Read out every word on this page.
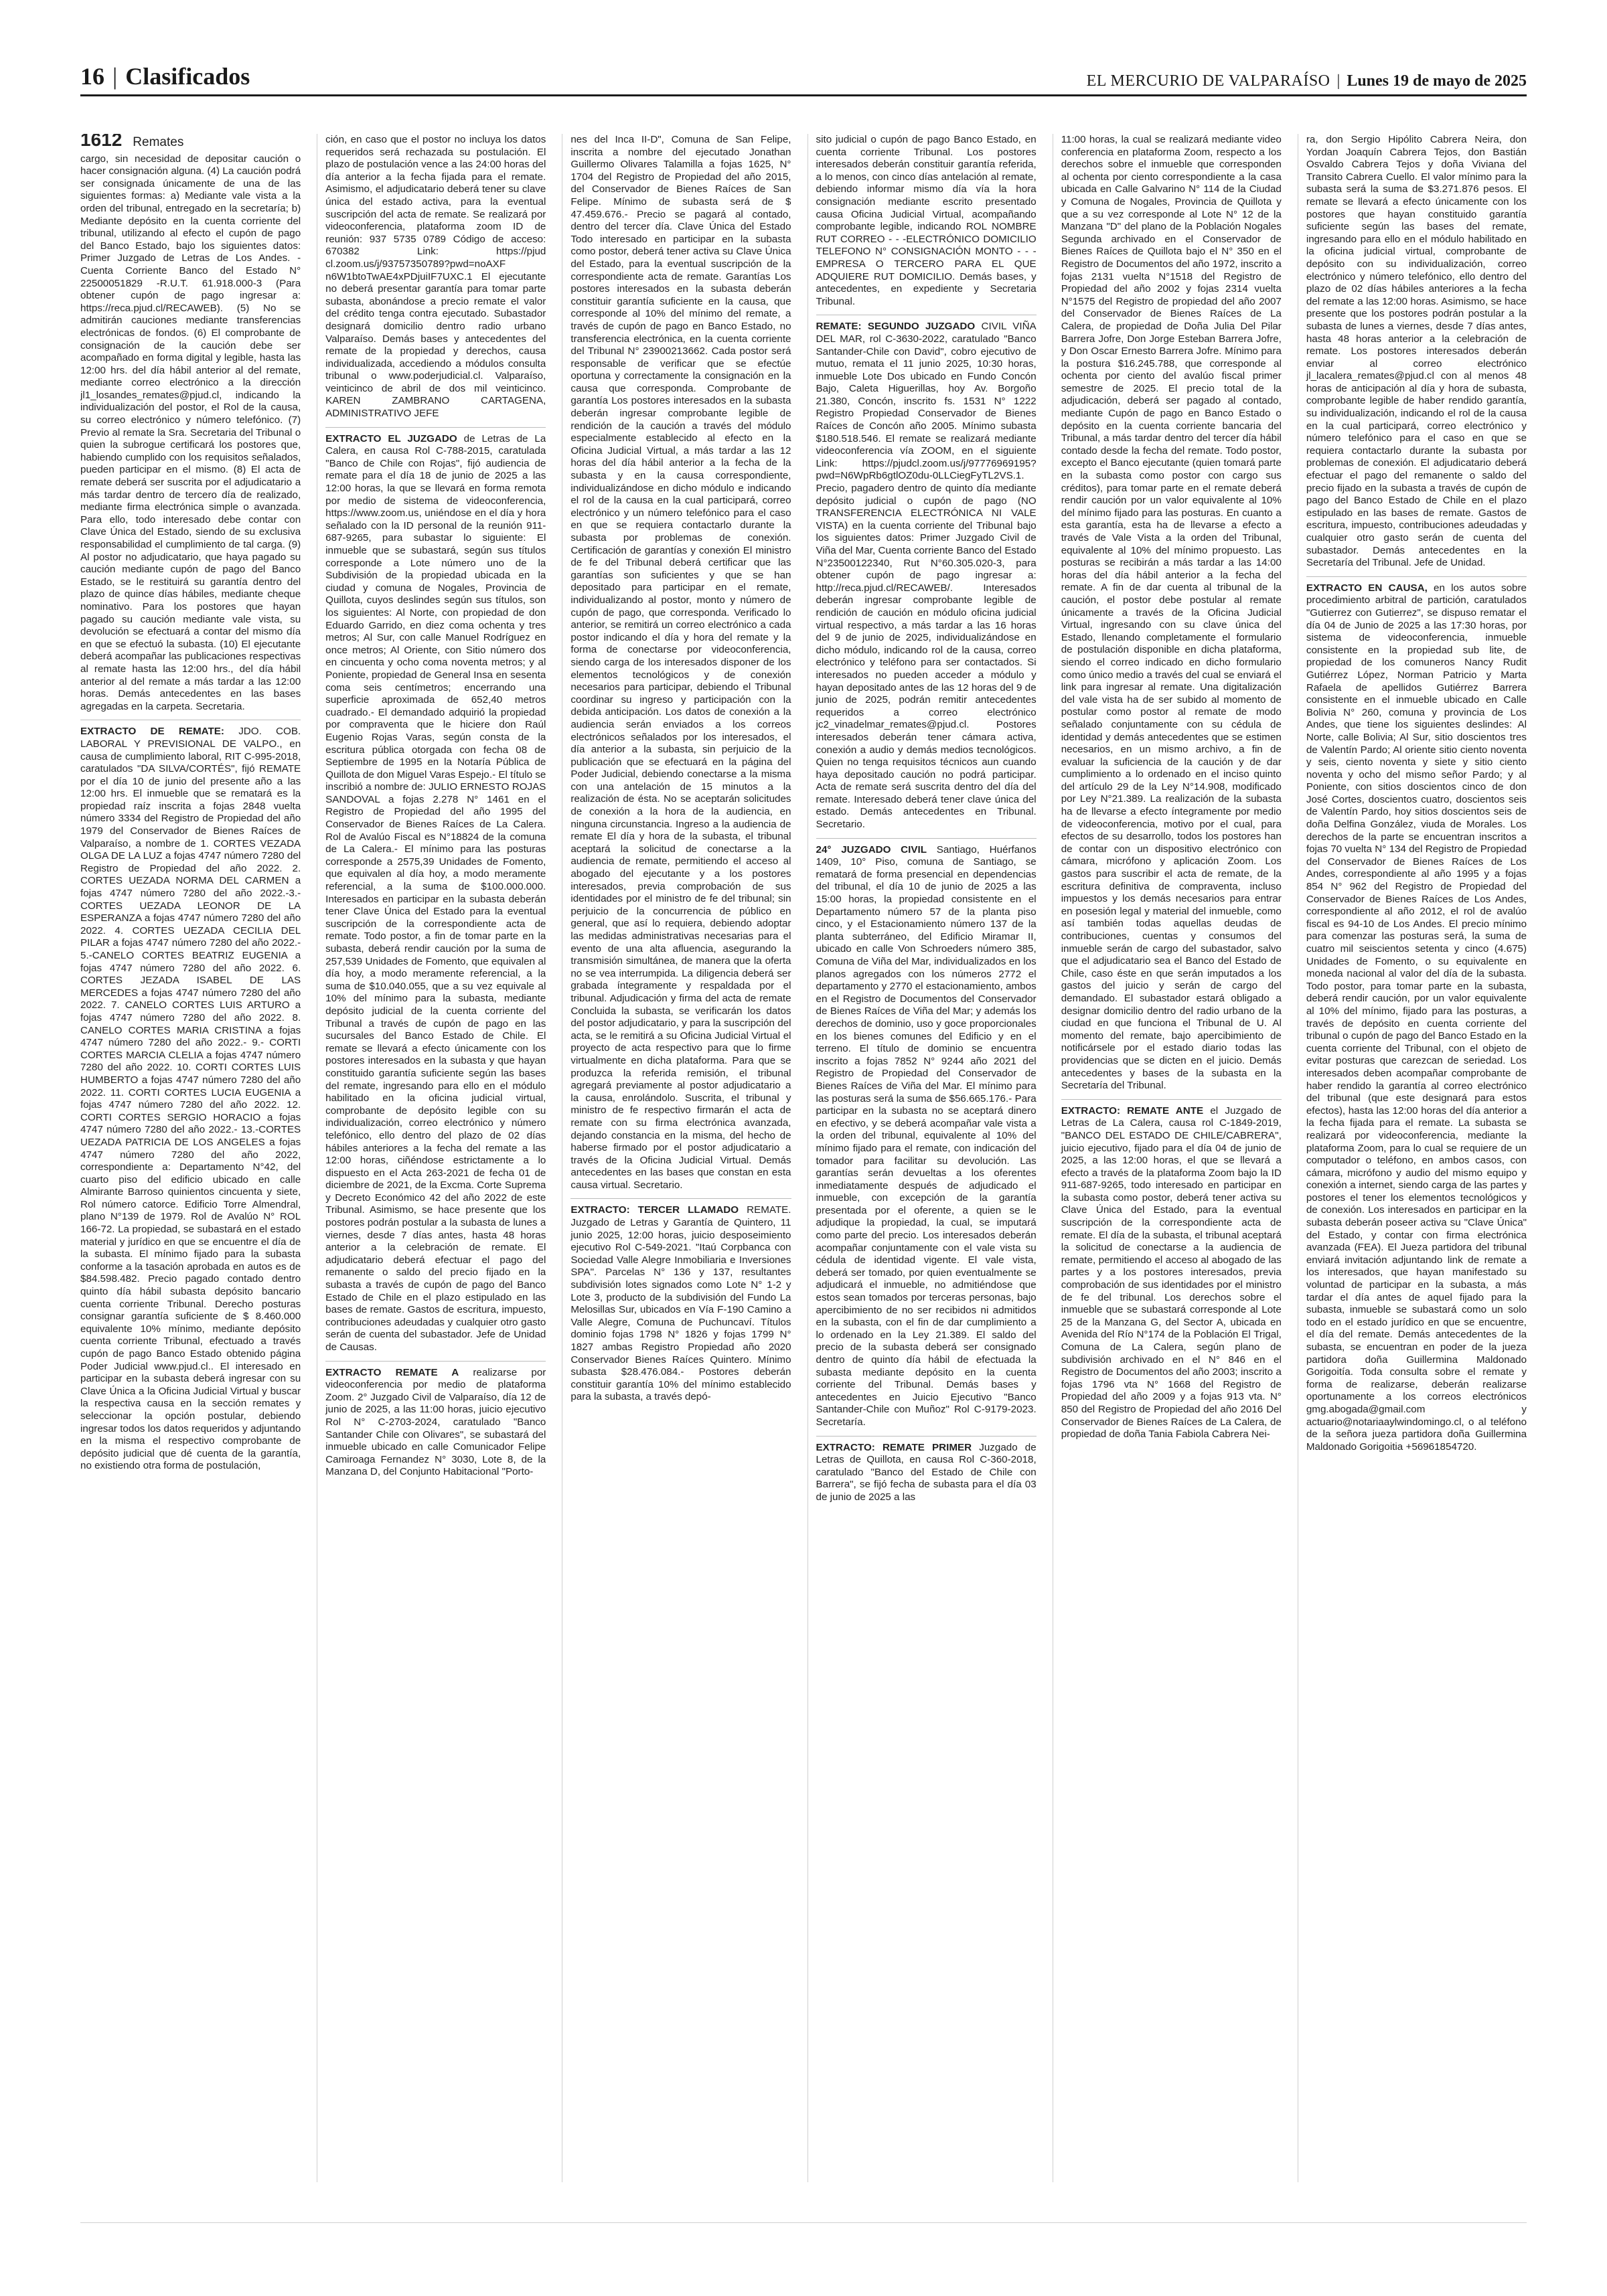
16 | Clasificados	EL MERCURIO DE VALPARAÍSO | Lunes 19 de mayo de 2025
1612 Remates

cargo, sin necesidad de depositar caución o hacer consignación alguna. (4) La caución podrá ser consignada únicamente de una de las siguientes formas: a) Mediante vale vista a la orden del tribunal, entregado en la secretaría; b) Mediante depósito en la cuenta corriente del tribunal, utilizando al efecto el cupón de pago del Banco Estado, bajo los siguientes datos: Primer Juzgado de Letras de Los Andes. -Cuenta Corriente Banco del Estado N° 22500051829 -R.U.T. 61.918.000-3 (Para obtener cupón de pago ingresar a: https://reca.pjud.cl/RECAWEB). (5) No se admitirán cauciones mediante transferencias electrónicas de fondos. (6) El comprobante de consignación de la caución debe ser acompañado en forma digital y legible, hasta las 12:00 hrs. del día hábil anterior al del remate, mediante correo electrónico a la dirección jl1_losandes_remates@pjud.cl, indicando la individualización del postor, el Rol de la causa, su correo electrónico y número telefónico. (7) Previo al remate la Sra. Secretaria del Tribunal o quien la subrogue certificará los postores que, habiendo cumplido con los requisitos señalados, pueden participar en el mismo. (8) El acta de remate deberá ser suscrita por el adjudicatario a más tardar dentro de tercero día de realizado, mediante firma electrónica simple o avanzada. Para ello, todo interesado debe contar con Clave Única del Estado, siendo de su exclusiva responsabilidad el cumplimiento de tal carga. (9) Al postor no adjudicatario, que haya pagado su caución mediante cupón de pago del Banco Estado, se le restituirá su garantía dentro del plazo de quince días hábiles, mediante cheque nominativo. Para los postores que hayan pagado su caución mediante vale vista, su devolución se efectuará a contar del mismo día en que se efectuó la subasta. (10) El ejecutante deberá acompañar las publicaciones respectivas al remate hasta las 12:00 hrs., del día hábil anterior al del remate a más tardar a las 12:00 horas. Demás antecedentes en las bases agregadas en la carpeta. Secretaria.

EXTRACTO DE REMATE: JDO. COB. LABORAL Y PREVISIONAL DE VALPO., en causa de cumplimiento laboral, RIT C-995-2018, caratulados "DA SILVA/CORTÉS", fijó REMATE por el día 10 de junio del presente año a las 12:00 hrs. El inmueble que se rematará es la propiedad raíz inscrita a fojas 2848 vuelta número 3334 del Registro de Propiedad del año 1979 del Conservador de Bienes Raíces de Valparaíso, a nombre de 1. CORTES VEZADA OLGA DE LA LUZ a fojas 4747 número 7280 del Registro de Propiedad del año 2022. 2. CORTES UEZADA NORMA DEL CARMEN a fojas 4747 número 7280 del año 2022.-3.- CORTES UEZADA LEONOR DE LA ESPERANZA a fojas 4747 número 7280 del año 2022. 4. CORTES UEZADA CECILIA DEL PILAR a fojas 4747 número 7280 del año 2022.- 5.-CANELO CORTES BEATRIZ EUGENIA a fojas 4747 número 7280 del año 2022. 6. CORTES JEZADA ISABEL DE LAS MERCEDES a fojas 4747 número 7280 del año 2022. 7. CANELO CORTES LUIS ARTURO a fojas 4747 número 7280 del año 2022. 8. CANELO CORTES MARIA CRISTINA a fojas 4747 número 7280 del año 2022.- 9.- CORTI CORTES MARCIA CLELIA a fojas 4747 número 7280 del año 2022. 10. CORTI CORTES LUIS HUMBERTO a fojas 4747 número 7280 del año 2022. 11. CORTI CORTES LUCIA EUGENIA a fojas 4747 número 7280 del año 2022. 12. CORTI CORTES SERGIO HORACIO a fojas 4747 número 7280 del año 2022.- 13.-CORTES UEZADA PATRICIA DE LOS ANGELES a fojas 4747 número 7280 del año 2022, correspondiente a: Departamento N°42, del cuarto piso del edificio ubicado en calle Almirante Barroso quinientos cincuenta y siete, Rol número catorce. Edificio Torre Almendral, plano N°139 de 1979. Rol de Avalúo N° ROL 166-72. La propiedad, se subastará en el estado material y jurídico en que se encuentre el día de la subasta. El mínimo fijado para la subasta conforme a la tasación aprobada en autos es de $84.598.482. Precio pagado contado dentro quinto día hábil subasta depósito bancario cuenta corriente Tribunal. Derecho posturas consignar garantía suficiente de $ 8.460.000 equivalente 10% mínimo, mediante depósito cuenta corriente Tribunal, efectuado a través cupón de pago Banco Estado obtenido página Poder Judicial www.pjud.cl.. El interesado en participar en la subasta deberá ingresar con su Clave Única a la Oficina Judicial Virtual y buscar la respectiva causa en la sección remates y seleccionar la opción postular, debiendo ingresar todos los datos requeridos y adjuntando en la misma el respectivo comprobante de depósito judicial que dé cuenta de la garantía, no existiendo otra forma de postulación,

ción, en caso que el postor no incluya los datos requeridos será rechazada su postulación. El plazo de postulación vence a las 24:00 horas del día anterior a la fecha fijada para el remate. Asimismo, el adjudicatario deberá tener su clave única del estado activa, para la eventual suscripción del acta de remate. Se realizará por videoconferencia, plataforma zoom ID de reunión: 937 5735 0789 Código de acceso: 670382 Link: https://pjud cl.zoom.us/j/93757350789?pwd=noAXF n6W1btoTwAE4xPDjuiIF7UXC.1 El ejecutante no deberá presentar garantía para tomar parte subasta, abonándose a precio remate el valor del crédito tenga contra ejecutado. Subastador designará domicilio dentro radio urbano Valparaíso. Demás bases y antecedentes del remate de la propiedad y derechos, causa individualizada, accediendo a módulos consulta tribunal o www.poderjudicial.cl. Valparaíso, veinticinco de abril de dos mil veinticinco. KAREN ZAMBRANO CARTAGENA, ADMINISTRATIVO JEFE

EXTRACTO EL JUZGADO de Letras de La Calera, en causa Rol C-788-2015, caratulada "Banco de Chile con Rojas", fijó audiencia de remate para el día 18 de junio de 2025 a las 12:00 horas, la que se llevará en forma remota por medio de sistema de videoconferencia, https://www.zoom.us, uniéndose en el día y hora señalado con la ID personal de la reunión 911-687-9265, para subastar lo siguiente: El inmueble que se subastará, según sus títulos corresponde a Lote número uno de la Subdivisión de la propiedad ubicada en la ciudad y comuna de Nogales, Provincia de Quillota, cuyos deslindes según sus títulos, son los siguientes: Al Norte, con propiedad de don Eduardo Garrido, en diez coma ochenta y tres metros; Al Sur, con calle Manuel Rodríguez en once metros; Al Oriente, con Sitio número dos en cincuenta y ocho coma noventa metros; y al Poniente, propiedad de General Insa en sesenta coma seis centímetros; encerrando una superficie aproximada de 652,40 metros cuadrado.- El demandado adquirió la propiedad por compraventa que le hiciere don Raúl Eugenio Rojas Varas, según consta de la escritura pública otorgada con fecha 08 de Septiembre de 1995 en la Notaría Pública de Quillota de don Miguel Varas Espejo.- El título se inscribió a nombre de: JULIO ERNESTO ROJAS SANDOVAL a fojas 2.278 N° 1461 en el Registro de Propiedad del año 1995 del Conservador de Bienes Raíces de La Calera. Rol de Avalúo Fiscal es N°18824 de la comuna de La Calera.- El mínimo para las posturas corresponde a 2575,39 Unidades de Fomento, que equivalen al día hoy, a modo meramente referencial, a la suma de $100.000.000. Interesados en participar en la subasta deberán tener Clave Única del Estado para la eventual suscripción de la correspondiente acta de remate. Todo postor, a fin de tomar parte en la subasta, deberá rendir caución por la suma de 257,539 Unidades de Fomento, que equivalen al día hoy, a modo meramente referencial, a la suma de $10.040.055, que a su vez equivale al 10% del mínimo para la subasta, mediante depósito judicial de la cuenta corriente del Tribunal a través de cupón de pago en las sucursales del Banco Estado de Chile. El remate se llevará a efecto únicamente con los postores interesados en la subasta y que hayan constituido garantía suficiente según las bases del remate, ingresando para ello en el módulo habilitado en la oficina judicial virtual, comprobante de depósito legible con su individualización, correo electrónico y número telefónico, ello dentro del plazo de 02 días hábiles anteriores a la fecha del remate a las 12:00 horas, ciñéndose estrictamente a lo dispuesto en el Acta 263-2021 de fecha 01 de diciembre de 2021, de la Excma. Corte Suprema y Decreto Económico 42 del año 2022 de este Tribunal. Asimismo, se hace presente que los postores podrán postular a la subasta de lunes a viernes, desde 7 días antes, hasta 48 horas anterior a la celebración de remate. El adjudicatario deberá efectuar el pago del remanente o saldo del precio fijado en la subasta a través de cupón de pago del Banco Estado de Chile en el plazo estipulado en las bases de remate. Gastos de escritura, impuesto, contribuciones adeudadas y cualquier otro gasto serán de cuenta del subastador. Jefe de Unidad de Causas.

EXTRACTO REMATE A realizarse por videoconferencia por medio de plataforma Zoom. 2° Juzgado Civil de Valparaíso, día 12 de junio de 2025, a las 11:00 horas, juicio ejecutivo Rol N° C-2703-2024, caratulado "Banco Santander Chile con Olivares", se subastará del inmueble ubicado en calle Comunicador Felipe Camiroaga Fernandez N° 3030, Lote 8, de la Manzana D, del Conjunto Habitacional "Porto-

nes del Inca II-D", Comuna de San Felipe, inscrita a nombre del ejecutado Jonathan Guillermo Olivares Talamilla a fojas 1625, N° 1704 del Registro de Propiedad del año 2015, del Conservador de Bienes Raíces de San Felipe. Mínimo de subasta será de $ 47.459.676.- Precio se pagará al contado, dentro del tercer día. Clave Única del Estado Todo interesado en participar en la subasta como postor, deberá tener activa su Clave Única del Estado, para la eventual suscripción de la correspondiente acta de remate. Garantías Los postores interesados en la subasta deberán constituir garantía suficiente en la causa, que corresponde al 10% del mínimo del remate, a través de cupón de pago en Banco Estado, no transferencia electrónica, en la cuenta corriente del Tribunal N° 23900213662. Cada postor será responsable de verificar que se efectúe oportuna y correctamente la consignación en la causa que corresponda. Comprobante de garantía Los postores interesados en la subasta deberán ingresar comprobante legible de rendición de la caución a través del módulo especialmente establecido al efecto en la Oficina Judicial Virtual, a más tardar a las 12 horas del día hábil anterior a la fecha de la subasta y en la causa correspondiente, individualizándose en dicho módulo e indicando el rol de la causa en la cual participará, correo electrónico y un número telefónico para el caso en que se requiera contactarlo durante la subasta por problemas de conexión. Certificación de garantías y conexión El ministro de fe del Tribunal deberá certificar que las garantías son suficientes y que se han depositado para participar en el remate, individualizando al postor, monto y número de cupón de pago, que corresponda. Verificado lo anterior, se remitirá un correo electrónico a cada postor indicando el día y hora del remate y la forma de conectarse por videoconferencia, siendo carga de los interesados disponer de los elementos tecnológicos y de conexión necesarios para participar, debiendo el Tribunal coordinar su ingreso y participación con la debida anticipación. Los datos de conexión a la audiencia serán enviados a los correos electrónicos señalados por los interesados, el día anterior a la subasta, sin perjuicio de la publicación que se efectuará en la página del Poder Judicial, debiendo conectarse a la misma con una antelación de 15 minutos a la realización de ésta. No se aceptarán solicitudes de conexión a la hora de la audiencia, en ninguna circunstancia. Ingreso a la audiencia de remate El día y hora de la subasta, el tribunal aceptará la solicitud de conectarse a la audiencia de remate, permitiendo el acceso al abogado del ejecutante y a los postores interesados, previa comprobación de sus identidades por el ministro de fe del tribunal; sin perjuicio de la concurrencia de público en general, que así lo requiera, debiendo adoptar las medidas administrativas necesarias para el evento de una alta afluencia, asegurando la transmisión simultánea, de manera que la oferta no se vea interrumpida. La diligencia deberá ser grabada íntegramente y respaldada por el tribunal. Adjudicación y firma del acta de remate Concluida la subasta, se verificarán los datos del postor adjudicatario, y para la suscripción del acta, se le remitirá a su Oficina Judicial Virtual el proyecto de acta respectivo para que lo firme virtualmente en dicha plataforma. Para que se produzca la referida remisión, el tribunal agregará previamente al postor adjudicatario a la causa, enrolándolo. Suscrita, el tribunal y ministro de fe respectivo firmarán el acta de remate con su firma electrónica avanzada, dejando constancia en la misma, del hecho de haberse firmado por el postor adjudicatario a través de la Oficina Judicial Virtual. Demás antecedentes en las bases que constan en esta causa virtual. Secretario.

EXTRACTO: TERCER LLAMADO REMATE. Juzgado de Letras y Garantía de Quintero, 11 junio 2025, 12:00 horas, juicio desposeimiento ejecutivo Rol C-549-2021. "Itaú Corpbanca con Sociedad Valle Alegre Inmobiliaria e Inversiones SPA". Parcelas N° 136 y 137, resultantes subdivisión lotes signados como Lote N° 1-2 y Lote 3, producto de la subdivisión del Fundo La Melosillas Sur, ubicados en Vía F-190 Camino a Valle Alegre, Comuna de Puchuncaví. Títulos dominio fojas 1798 N° 1826 y fojas 1799 N° 1827 ambas Registro Propiedad año 2020 Conservador Bienes Raíces Quintero. Mínimo subasta $28.476.084.- Postores deberán constituir garantía 10% del mínimo establecido para la subasta, a través depó-

sito judicial o cupón de pago Banco Estado, en cuenta corriente Tribunal. Los postores interesados deberán constituir garantía referida, a lo menos, con cinco días antelación al remate, debiendo informar mismo día vía la hora consignación mediante escrito presentado causa Oficina Judicial Virtual, acompañando comprobante legible, indicando ROL NOMBRE RUT CORREO - - -ELECTRÓNICO DOMICILIO TELEFONO N° CONSIGNACIÓN MONTO - - - EMPRESA O TERCERO PARA EL QUE ADQUIERE RUT DOMICILIO. Demás bases, y antecedentes, en expediente y Secretaria Tribunal.

REMATE: SEGUNDO JUZGADO CIVIL VIÑA DEL MAR, rol C-3630-2022, caratulado "Banco Santander-Chile con David", cobro ejecutivo de mutuo, remata el 11 junio 2025, 10:30 horas, inmueble Lote Dos ubicado en Fundo Concón Bajo, Caleta Higuerillas, hoy Av. Borgoño 21.380, Concón, inscrito fs. 1531 N° 1222 Registro Propiedad Conservador de Bienes Raíces de Concón año 2005. Mínimo subasta $180.518.546. El remate se realizará mediante videoconferencia vía ZOOM, en el siguiente Link: https://pjudcl.zoom.us/j/97776969195?pwd=N6WpRb6gtlOZ0du-0LLCiegFyTL2VS.1. Precio, pagadero dentro de quinto día mediante depósito judicial o cupón de pago (NO TRANSFERENCIA ELECTRÓNICA NI VALE VISTA) en la cuenta corriente del Tribunal bajo los siguientes datos: Primer Juzgado Civil de Viña del Mar, Cuenta corriente Banco del Estado N°23500122340, Rut N°60.305.020-3, para obtener cupón de pago ingresar a: http://reca.pjud.cl/RECAWEB/. Interesados deberán ingresar comprobante legible de rendición de caución en módulo oficina judicial virtual respectivo, a más tardar a las 16 horas del 9 de junio de 2025, individualizándose en dicho módulo, indicando rol de la causa, correo electrónico y teléfono para ser contactados. Si interesados no pueden acceder a módulo y hayan depositado antes de las 12 horas del 9 de junio de 2025, podrán remitir antecedentes requeridos a correo electrónico jc2_vinadelmar_remates@pjud.cl. Postores interesados deberán tener cámara activa, conexión a audio y demás medios tecnológicos. Quien no tenga requisitos técnicos aun cuando haya depositado caución no podrá participar. Acta de remate será suscrita dentro del día del remate. Interesado deberá tener clave única del estado. Demás antecedentes en Tribunal. Secretario.

24° JUZGADO CIVIL Santiago, Huérfanos 1409, 10° Piso, comuna de Santiago, se rematará de forma presencial en dependencias del tribunal, el día 10 de junio de 2025 a las 15:00 horas, la propiedad consistente en el Departamento número 57 de la planta piso cinco, y el Estacionamiento número 137 de la planta subterráneo, del Edificio Miramar II, ubicado en calle Von Schroeders número 385, Comuna de Viña del Mar, individualizados en los planos agregados con los números 2772 el departamento y 2770 el estacionamiento, ambos en el Registro de Documentos del Conservador de Bienes Raíces de Viña del Mar; y además los derechos de dominio, uso y goce proporcionales en los bienes comunes del Edificio y en el terreno. El título de dominio se encuentra inscrito a fojas 7852 N° 9244 año 2021 del Registro de Propiedad del Conservador de Bienes Raíces de Viña del Mar. El mínimo para las posturas será la suma de $56.665.176.- Para participar en la subasta no se aceptará dinero en efectivo, y se deberá acompañar vale vista a la orden del tribunal, equivalente al 10% del mínimo fijado para el remate, con indicación del tomador para facilitar su devolución. Las garantías serán devueltas a los oferentes inmediatamente después de adjudicado el inmueble, con excepción de la garantía presentada por el oferente, a quien se le adjudique la propiedad, la cual, se imputará como parte del precio. Los interesados deberán acompañar conjuntamente con el vale vista su cédula de identidad vigente. El vale vista, deberá ser tomado, por quien eventualmente se adjudicará el inmueble, no admitiéndose que estos sean tomados por terceras personas, bajo apercibimiento de no ser recibidos ni admitidos en la subasta, con el fin de dar cumplimiento a lo ordenado en la Ley 21.389. El saldo del precio de la subasta deberá ser consignado dentro de quinto día hábil de efectuada la subasta mediante depósito en la cuenta corriente del Tribunal. Demás bases y antecedentes en Juicio Ejecutivo "Banco Santander-Chile con Muñoz" Rol C-9179-2023. Secretaría.

EXTRACTO: REMATE PRIMER Juzgado de Letras de Quillota, en causa Rol C-360-2018, caratulado "Banco del Estado de Chile con Barrera", se fijó fecha de subasta para el día 03 de junio de 2025 a las

11:00 horas, la cual se realizará mediante video conferencia en plataforma Zoom, respecto a los derechos sobre el inmueble que corresponden al ochenta por ciento correspondiente a la casa ubicada en Calle Galvarino N° 114 de la Ciudad y Comuna de Nogales, Provincia de Quillota y que a su vez corresponde al Lote N° 12 de la Manzana "D" del plano de la Población Nogales Segunda archivado en el Conservador de Bienes Raíces de Quillota bajo el N° 350 en el Registro de Documentos del año 1972, inscrito a fojas 2131 vuelta N°1518 del Registro de Propiedad del año 2002 y fojas 2314 vuelta N°1575 del Registro de propiedad del año 2007 del Conservador de Bienes Raíces de La Calera, de propiedad de Doña Julia Del Pilar Barrera Jofre, Don Jorge Esteban Barrera Jofre, y Don Oscar Ernesto Barrera Jofre. Mínimo para la postura $16.245.788, que corresponde al ochenta por ciento del avalúo fiscal primer semestre de 2025. El precio total de la adjudicación, deberá ser pagado al contado, mediante Cupón de pago en Banco Estado o depósito en la cuenta corriente bancaria del Tribunal, a más tardar dentro del tercer día hábil contado desde la fecha del remate. Todo postor, excepto el Banco ejecutante (quien tomará parte en la subasta como postor con cargo sus créditos), para tomar parte en el remate deberá rendir caución por un valor equivalente al 10% del mínimo fijado para las posturas. En cuanto a esta garantía, esta ha de llevarse a efecto a través de Vale Vista a la orden del Tribunal, equivalente al 10% del mínimo propuesto. Las posturas se recibirán a más tardar a las 14:00 horas del día hábil anterior a la fecha del remate. A fin de dar cuenta al tribunal de la caución, el postor debe postular al remate únicamente a través de la Oficina Judicial Virtual, ingresando con su clave única del Estado, llenando completamente el formulario de postulación disponible en dicha plataforma, siendo el correo indicado en dicho formulario como único medio a través del cual se enviará el link para ingresar al remate. Una digitalización del vale vista ha de ser subido al momento de postular como postor al remate de modo señalado conjuntamente con su cédula de identidad y demás antecedentes que se estimen necesarios, en un mismo archivo, a fin de evaluar la suficiencia de la caución y de dar cumplimiento a lo ordenado en el inciso quinto del artículo 29 de la Ley N°14.908, modificado por Ley N°21.389. La realización de la subasta ha de llevarse a efecto íntegramente por medio de videoconferencia, motivo por el cual, para efectos de su desarrollo, todos los postores han de contar con un dispositivo electrónico con cámara, micrófono y aplicación Zoom. Los gastos para suscribir el acta de remate, de la escritura definitiva de compraventa, incluso impuestos y los demás necesarios para entrar en posesión legal y material del inmueble, como así también todas aquellas deudas de contribuciones, cuentas y consumos del inmueble serán de cargo del subastador, salvo que el adjudicatario sea el Banco del Estado de Chile, caso éste en que serán imputados a los gastos del juicio y serán de cargo del demandado. El subastador estará obligado a designar domicilio dentro del radio urbano de la ciudad en que funciona el Tribunal de U. Al momento del remate, bajo apercibimiento de notificársele por el estado diario todas las providencias que se dicten en el juicio. Demás antecedentes y bases de la subasta en la Secretaría del Tribunal.

EXTRACTO: REMATE ANTE el Juzgado de Letras de La Calera, causa rol C-1849-2019, "BANCO DEL ESTADO DE CHILE/CABRERA", juicio ejecutivo, fijado para el día 04 de junio de 2025, a las 12:00 horas, el que se llevará a efecto a través de la plataforma Zoom bajo la ID 911-687-9265, todo interesado en participar en la subasta como postor, deberá tener activa su Clave Única del Estado, para la eventual suscripción de la correspondiente acta de remate. El día de la subasta, el tribunal aceptará la solicitud de conectarse a la audiencia de remate, permitiendo el acceso al abogado de las partes y a los postores interesados, previa comprobación de sus identidades por el ministro de fe del tribunal. Los derechos sobre el inmueble que se subastará corresponde al Lote 25 de la Manzana G, del Sector A, ubicada en Avenida del Río N°174 de la Población El Trigal, Comuna de La Calera, según plano de subdivisión archivado en el N° 846 en el Registro de Documentos del año 2003; inscrito a fojas 1796 vta N° 1668 del Registro de Propiedad del año 2009 y a fojas 913 vta. N° 850 del Registro de Propiedad del año 2016 Del Conservador de Bienes Raíces de La Calera, de propiedad de doña Tania Fabiola Cabrera Nei-

ra, don Sergio Hipólito Cabrera Neira, don Yordan Joaquín Cabrera Tejos, don Bastián Osvaldo Cabrera Tejos y doña Viviana del Transito Cabrera Cuello. El valor mínimo para la subasta será la suma de $3.271.876 pesos. El remate se llevará a efecto únicamente con los postores que hayan constituido garantía suficiente según las bases del remate, ingresando para ello en el módulo habilitado en la oficina judicial virtual, comprobante de depósito con su individualización, correo electrónico y número telefónico, ello dentro del plazo de 02 días hábiles anteriores a la fecha del remate a las 12:00 horas. Asimismo, se hace presente que los postores podrán postular a la subasta de lunes a viernes, desde 7 días antes, hasta 48 horas anterior a la celebración de remate. Los postores interesados deberán enviar al correo electrónico jl_lacalera_remates@pjud.cl con al menos 48 horas de anticipación al día y hora de subasta, comprobante legible de haber rendido garantía, su individualización, indicando el rol de la causa en la cual participará, correo electrónico y número telefónico para el caso en que se requiera contactarlo durante la subasta por problemas de conexión. El adjudicatario deberá efectuar el pago del remanente o saldo del precio fijado en la subasta a través de cupón de pago del Banco Estado de Chile en el plazo estipulado en las bases de remate. Gastos de escritura, impuesto, contribuciones adeudadas y cualquier otro gasto serán de cuenta del subastador. Demás antecedentes en la Secretaría del Tribunal. Jefe de Unidad.

EXTRACTO EN CAUSA, en los autos sobre procedimiento arbitral de partición, caratulados "Gutierrez con Gutierrez", se dispuso rematar el día 04 de Junio de 2025 a las 17:30 horas, por sistema de videoconferencia, inmueble consistente en la propiedad sub lite, de propiedad de los comuneros Nancy Rudit Gutiérrez López, Norman Patricio y Marta Rafaela de apellidos Gutiérrez Barrera consistente en el inmueble ubicado en Calle Bolivia N° 260, comuna y provincia de Los Andes, que tiene los siguientes deslindes: Al Norte, calle Bolivia; Al Sur, sitio doscientos tres de Valentín Pardo; Al oriente sitio ciento noventa y seis, ciento noventa y siete y sitio ciento noventa y ocho del mismo señor Pardo; y al Poniente, con sitios doscientos cinco de don José Cortes, doscientos cuatro, doscientos seis de Valentín Pardo, hoy sitios doscientos seis de doña Delfina González, viuda de Morales. Los derechos de la parte se encuentran inscritos a fojas 70 vuelta N° 134 del Registro de Propiedad del Conservador de Bienes Raíces de Los Andes, correspondiente al año 1995 y a fojas 854 N° 962 del Registro de Propiedad del Conservador de Bienes Raíces de Los Andes, correspondiente al año 2012, el rol de avalúo fiscal es 94-10 de Los Andes. El precio mínimo para comenzar las posturas será, la suma de cuatro mil seiscientos setenta y cinco (4.675) Unidades de Fomento, o su equivalente en moneda nacional al valor del día de la subasta. Todo postor, para tomar parte en la subasta, deberá rendir caución, por un valor equivalente al 10% del mínimo, fijado para las posturas, a través de depósito en cuenta corriente del tribunal o cupón de pago del Banco Estado en la cuenta corriente del Tribunal, con el objeto de evitar posturas que carezcan de seriedad. Los interesados deben acompañar comprobante de haber rendido la garantía al correo electrónico del tribunal (que este designará para estos efectos), hasta las 12:00 horas del día anterior a la fecha fijada para el remate. La subasta se realizará por videoconferencia, mediante la plataforma Zoom, para lo cual se requiere de un computador o teléfono, en ambos casos, con cámara, micrófono y audio del mismo equipo y conexión a internet, siendo carga de las partes y postores el tener los elementos tecnológicos y de conexión. Los interesados en participar en la subasta deberán poseer activa su "Clave Única" del Estado, y contar con firma electrónica avanzada (FEA). El Jueza partidora del tribunal enviará invitación adjuntando link de remate a los interesados, que hayan manifestado su voluntad de participar en la subasta, a más tardar el día antes de aquel fijado para la subasta, inmueble se subastará como un solo todo en el estado jurídico en que se encuentre, el día del remate. Demás antecedentes de la subasta, se encuentran en poder de la jueza partidora doña Guillermina Maldonado Gorigoitía. Toda consulta sobre el remate y forma de realizarse, deberán realizarse oportunamente a los correos electrónicos gmg.abogada@gmail.com y actuario@notariaaylwindomingo.cl, o al teléfono de la señora jueza partidora doña Guillermina Maldonado Gorigoitia +56961854720.
